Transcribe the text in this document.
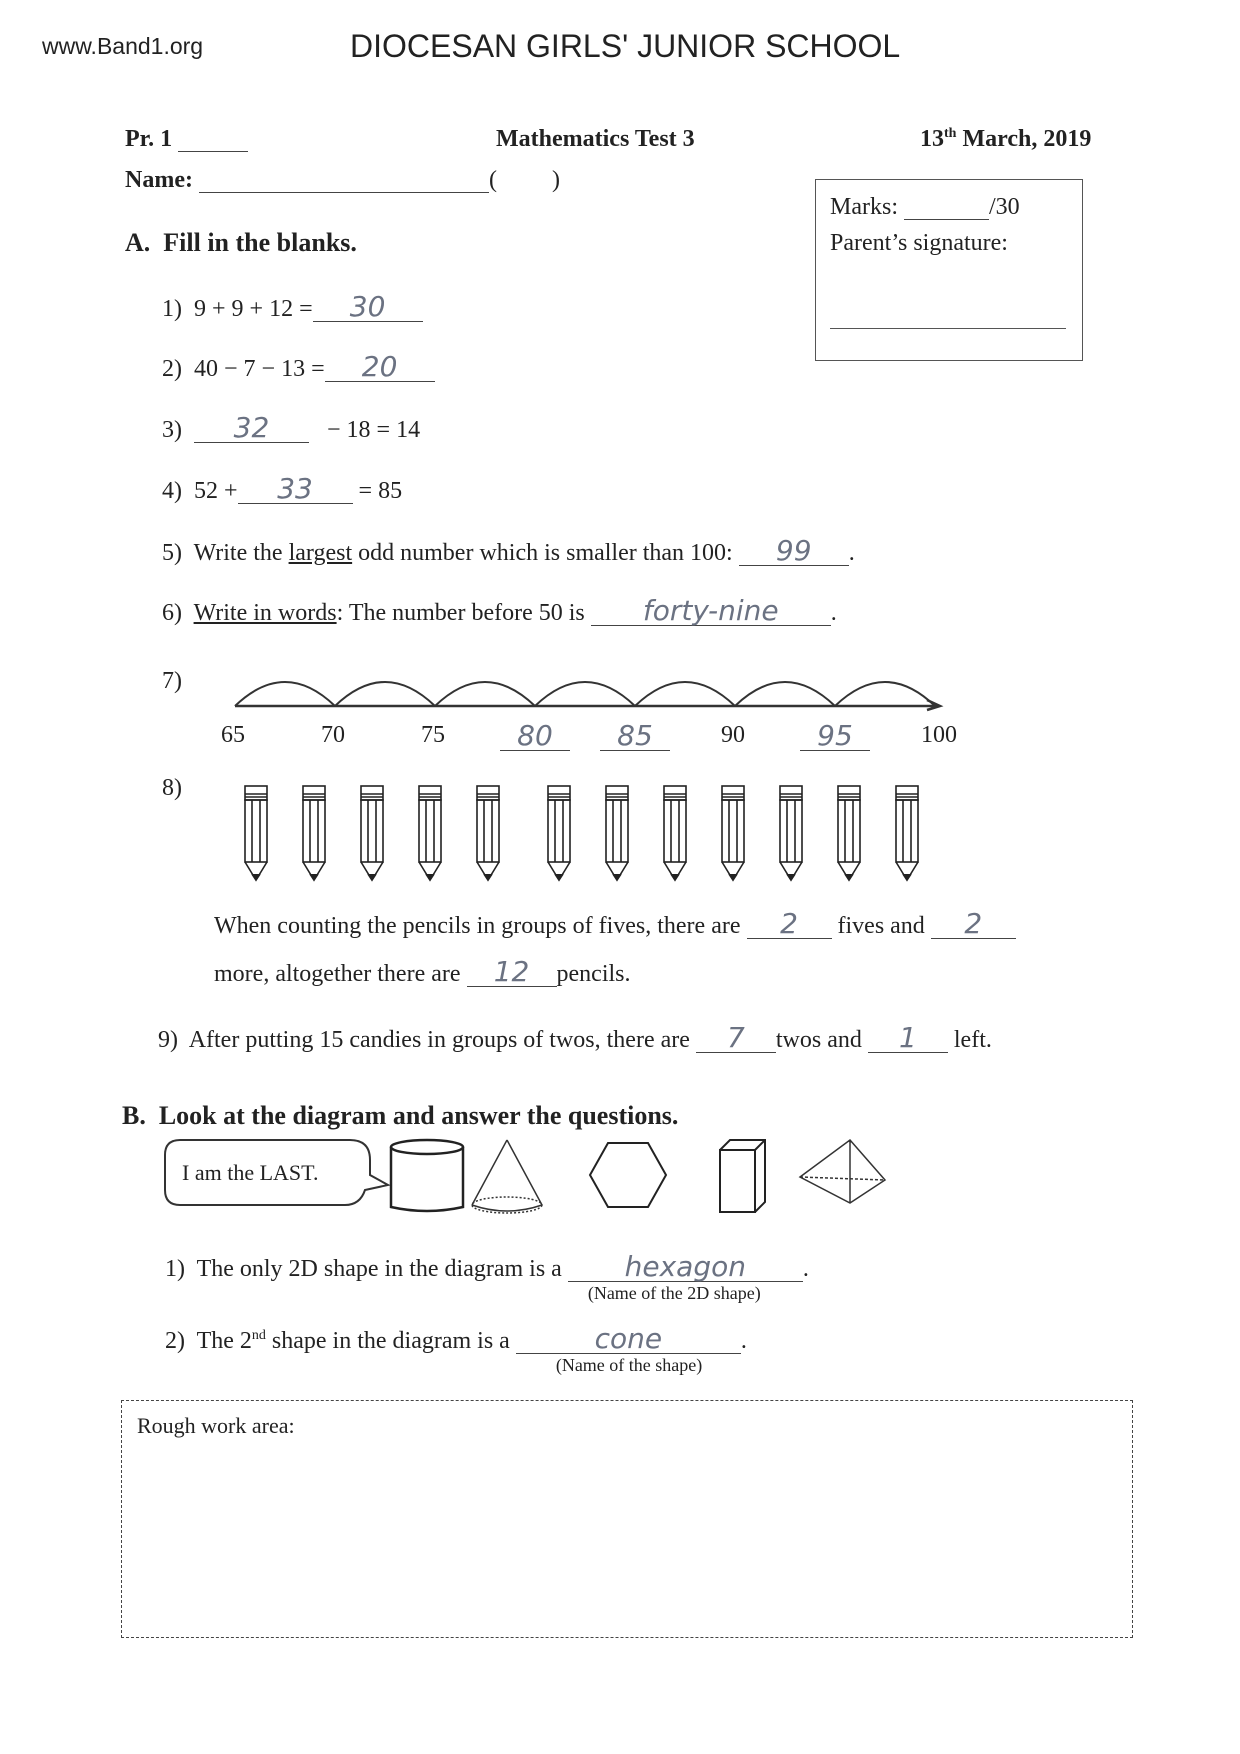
www.Band1.org	DIOCESAN GIRLS' JUNIOR SCHOOL
Pr. 1	Mathematics Test 3	13th March, 2019
Name:	( )
Marks:	/30
Parent’s signature:
A. Fill in the blanks.
1) 9 + 9 + 12 = 30
2) 40 − 7 − 13 = 20
3) 32 − 18 = 14
4) 52 + 33 = 85
5) Write the largest odd number which is smaller than 100: 99 .
6) Write in words: The number before 50 is forty-nine .
7)
65	70	75	80	85	90	95	100
8)
When counting the pencils in groups of fives, there are 2 fives and 2
more, altogether there are 12 pencils.
9) After putting 15 candies in groups of twos, there are 7 twos and 1 left.
B. Look at the diagram and answer the questions.
I am the LAST.
1) The only 2D shape in the diagram is a hexagon
(Name of the 2D shape)
.
2) The 2nd shape in the diagram is a	cone
(Name of the shape)
.
Rough work area:
